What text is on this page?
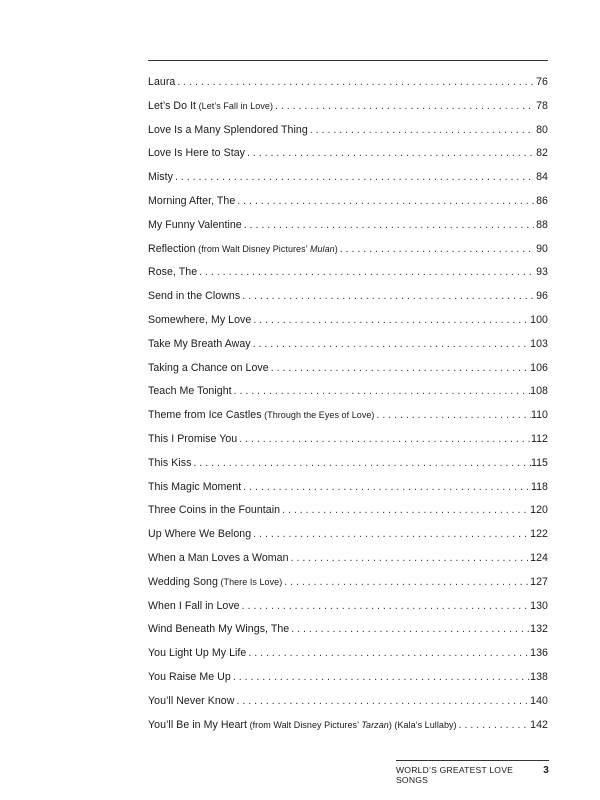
Laura . . .	76
Let’s Do It (Let’s Fall in Love) . . .	78
Love Is a Many Splendored Thing . . .	80
Love Is Here to Stay . . .	82
Misty . . .	84
Morning After, The . . .	86
My Funny Valentine . . .	88
Reflection (from Walt Disney Pictures’ Mulan) . . .	90
Rose, The . . .	93
Send in the Clowns . . .	96
Somewhere, My Love . . .	100
Take My Breath Away . . .	103
Taking a Chance on Love . . .	106
Teach Me Tonight . . .	108
Theme from Ice Castles (Through the Eyes of Love) . . .	110
This I Promise You . . .	112
This Kiss . . .	115
This Magic Moment . . .	118
Three Coins in the Fountain . . .	120
Up Where We Belong . . .	122
When a Man Loves a Woman . . .	124
Wedding Song (There Is Love) . . .	127
When I Fall in Love . . .	130
Wind Beneath My Wings, The . . .	132
You Light Up My Life . . .	136
You Raise Me Up . . .	138
You’ll Never Know . . .	140
You’ll Be in My Heart (from Walt Disney Pictures’ Tarzan) (Kala’s Lullaby) . . .	142
WORLD’S GREATEST LOVE SONGS
3
